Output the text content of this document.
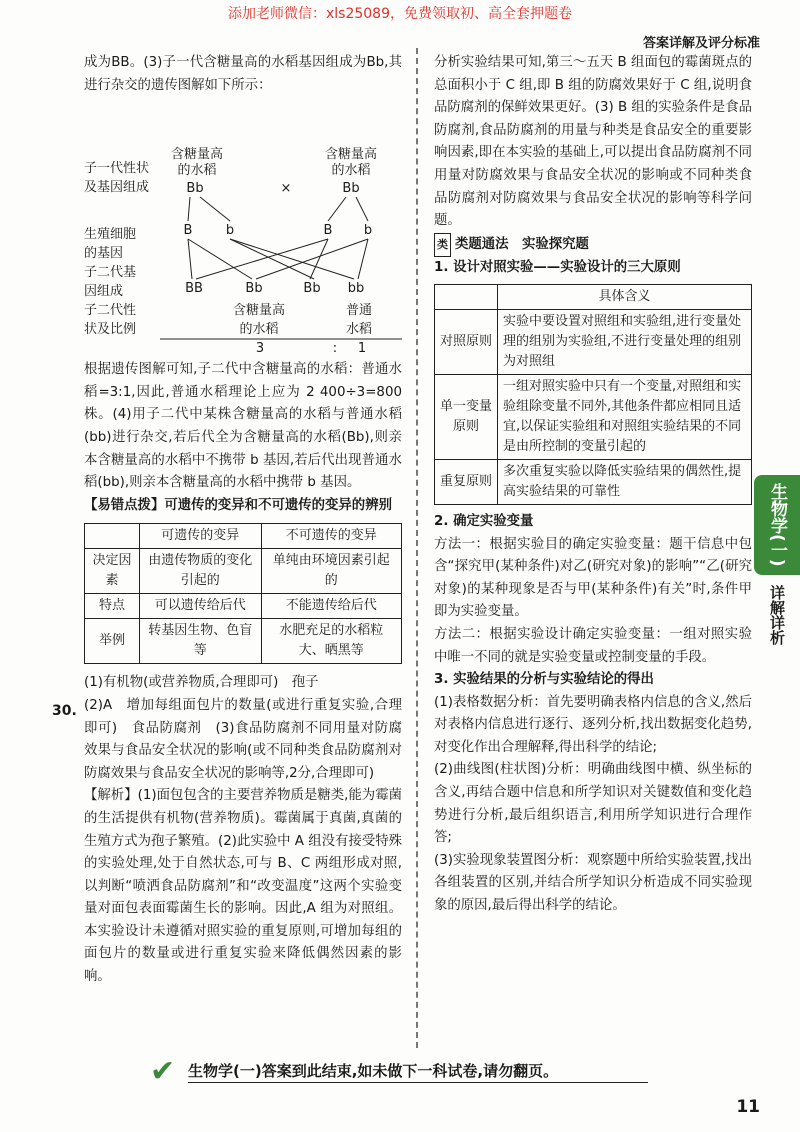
添加老师微信：xls25089，免费领取初、高全套押题卷
答案详解及评分标准

成为BB。(3)子一代含糖量高的水稻基因组成为Bb,其进行杂交的遗传图解如下所示：

子一代性状
及基因组成
生殖细胞
的基因
子二代基
因组成
子二代性
状及比例
含糖量高
的水稻
含糖量高
的水稻
Bb	×	Bb
B	b	B b
BB	Bb	Bb	bb
含糖量高
的水稻
普通
水稻
3	:	1

根据遗传图解可知,子二代中含糖量高的水稻：普通水稻=3:1,因此,普通水稻理论上应为 2 400÷3=800 株。(4)用子二代中某株含糖量高的水稻与普通水稻(bb)进行杂交,若后代全为含糖量高的水稻(Bb),则亲本含糖量高的水稻中不携带 b 基因,若后代出现普通水稻(bb),则亲本含糖量高的水稻中携带 b 基因。

【易错点拨】可遗传的变异和不可遗传的变异的辨别

	可遗传的变异	不可遗传的变异
决定因素	由遗传物质的变化引起的	单纯由环境因素引起的
特点	可以遗传给后代	不能遗传给后代
举例	转基因生物、色盲等	水肥充足的水稻粒大、晒黑等

(1)有机物(或营养物质,合理即可)　孢子

(2)A　增加每组面包片的数量(或进行重复实验,合理即可)　食品防腐剂　(3)食品防腐剂不同用量对防腐效果与食品安全状况的影响(或不同种类食品防腐剂对防腐效果与食品安全状况的影响等,2分,合理即可)

【解析】(1)面包包含的主要营养物质是糖类,能为霉菌的生活提供有机物(营养物质)。霉菌属于真菌,真菌的生殖方式为孢子繁殖。(2)此实验中 A 组没有接受特殊的实验处理,处于自然状态,可与 B、C 两组形成对照,以判断“喷洒食品防腐剂”和“改变温度”这两个实验变量对面包表面霉菌生长的影响。因此,A 组为对照组。本实验设计未遵循对照实验的重复原则,可增加每组的面包片的数量或进行重复实验来降低偶然因素的影响。

30.

分析实验结果可知,第三～五天 B 组面包的霉菌斑点的总面积小于 C 组,即 B 组的防腐效果好于 C 组,说明食品防腐剂的保鲜效果更好。(3) B 组的实验条件是食品防腐剂,食品防腐剂的用量与种类是食品安全的重要影响因素,即在本实验的基础上,可以提出食品防腐剂不同用量对防腐效果与食品安全状况的影响或不同种类食品防腐剂对防腐效果与食品安全状况的影响等科学问题。

类 类题通法　实验探究题

1. 设计对照实验——实验设计的三大原则

	具体含义
对照原则	实验中要设置对照组和实验组,进行变量处理的组别为实验组,不进行变量处理的组别为对照组
单一变量原则	一组对照实验中只有一个变量,对照组和实验组除变量不同外,其他条件都应相同且适宜,以保证实验组和对照组实验结果的不同是由所控制的变量引起的
重复原则	多次重复实验以降低实验结果的偶然性,提高实验结果的可靠性

2. 确定实验变量

方法一：根据实验目的确定实验变量：题干信息中包含“探究甲(某种条件)对乙(研究对象)的影响”“乙(研究对象)的某种现象是否与甲(某种条件)有关”时,条件甲即为实验变量。

方法二：根据实验设计确定实验变量：一组对照实验中唯一不同的就是实验变量或控制变量的手段。

3. 实验结果的分析与实验结论的得出

(1)表格数据分析：首先要明确表格内信息的含义,然后对表格内信息进行逐行、逐列分析,找出数据变化趋势,对变化作出合理解释,得出科学的结论;

(2)曲线图(柱状图)分析：明确曲线图中横、纵坐标的含义,再结合题中信息和所学知识对关键数值和变化趋势进行分析,最后组织语言,利用所学知识进行合理作答;

(3)实验现象装置图分析：观察题中所给实验装置,找出各组装置的区别,并结合所学知识分析造成不同实验现象的原因,最后得出科学的结论。

生物学(一)
详解详析
✔ 生物学(一)答案到此结束,如未做下一科试卷,请勿翻页。
11
